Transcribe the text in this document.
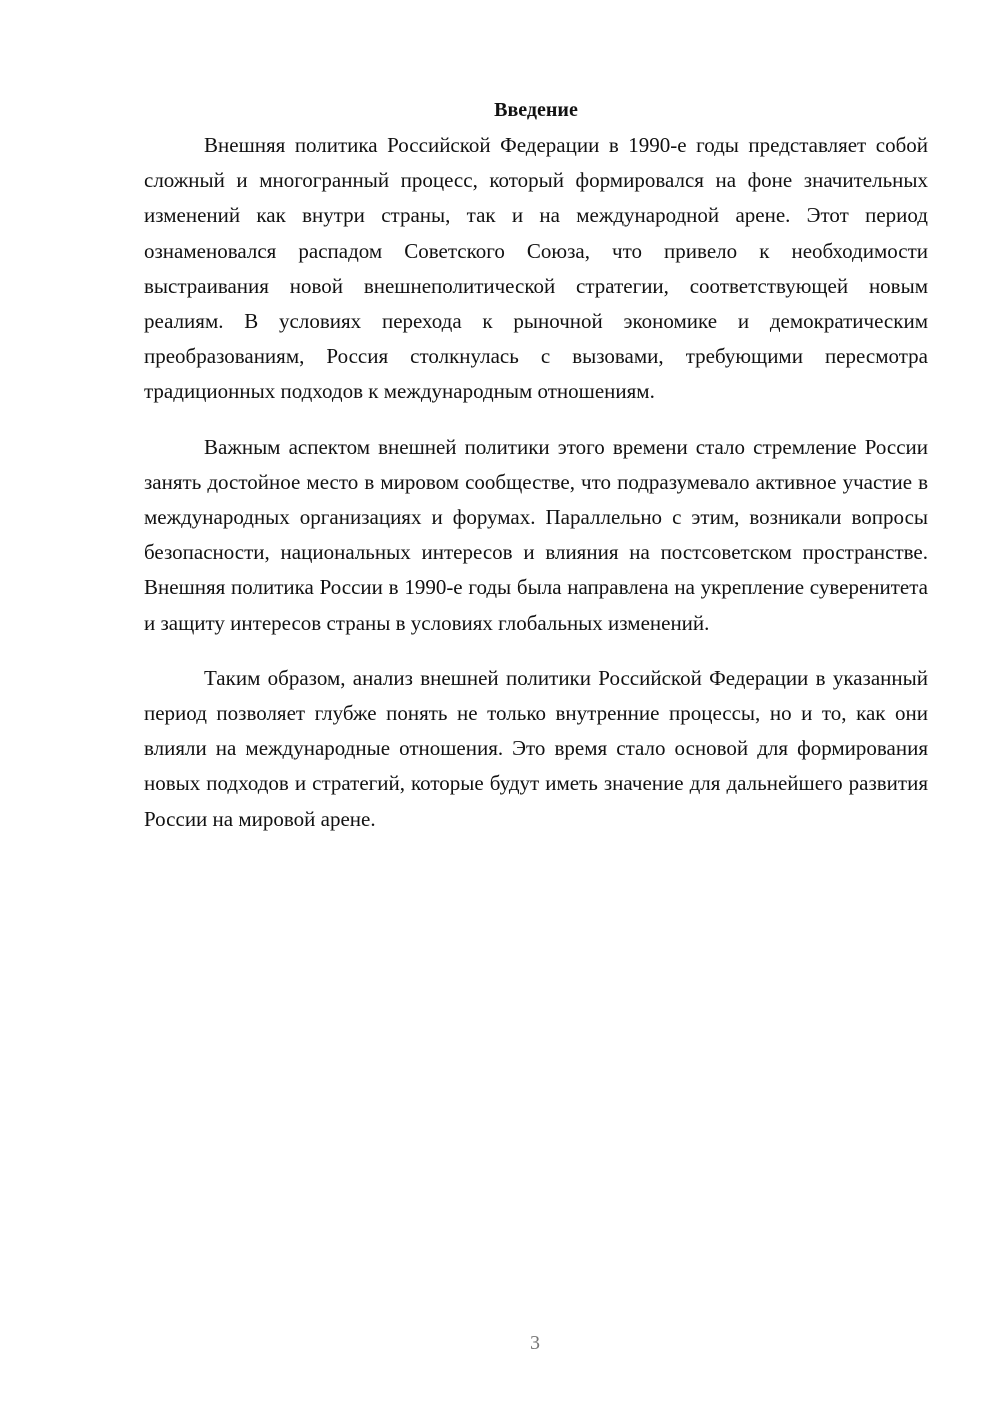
Введение

Внешняя политика Российской Федерации в 1990-е годы представляет собой сложный и многогранный процесс, который формировался на фоне значительных изменений как внутри страны, так и на международной арене. Этот период ознаменовался распадом Советского Союза, что привело к необходимости выстраивания новой внешнеполитической стратегии, соответствующей новым реалиям. В условиях перехода к рыночной экономике и демократическим преобразованиям, Россия столкнулась с вызовами, требующими пересмотра традиционных подходов к международным отношениям.

Важным аспектом внешней политики этого времени стало стремление России занять достойное место в мировом сообществе, что подразумевало активное участие в международных организациях и форумах. Параллельно с этим, возникали вопросы безопасности, национальных интересов и влияния на постсоветском пространстве. Внешняя политика России в 1990-е годы была направлена на укрепление суверенитета и защиту интересов страны в условиях глобальных изменений.

Таким образом, анализ внешней политики Российской Федерации в указанный период позволяет глубже понять не только внутренние процессы, но и то, как они влияли на международные отношения. Это время стало основой для формирования новых подходов и стратегий, которые будут иметь значение для дальнейшего развития России на мировой арене.

3
